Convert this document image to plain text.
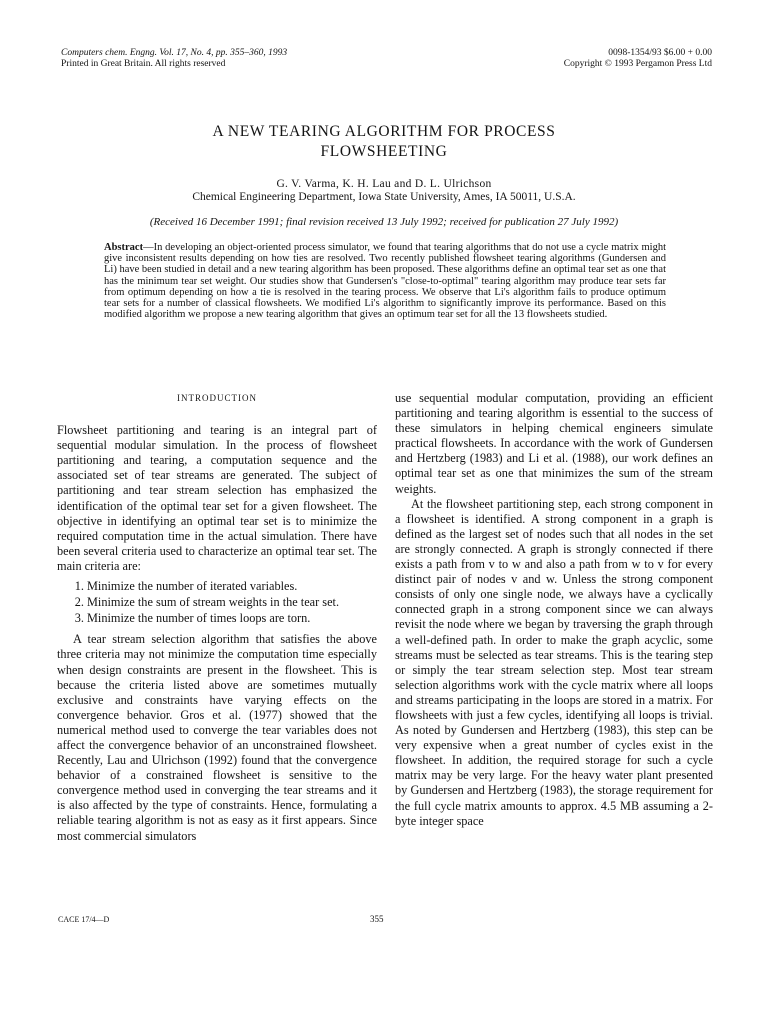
Computers chem. Engng. Vol. 17, No. 4, pp. 355–360, 1993
Printed in Great Britain. All rights reserved
0098-1354/93 $6.00 + 0.00
Copyright © 1993 Pergamon Press Ltd
A NEW TEARING ALGORITHM FOR PROCESS
FLOWSHEETING
G. V. Varma, K. H. Lau and D. L. Ulrichson
Chemical Engineering Department, Iowa State University, Ames, IA 50011, U.S.A.
(Received 16 December 1991; final revision received 13 July 1992; received for publication 27 July 1992)
Abstract—In developing an object-oriented process simulator, we found that tearing algorithms that do not use a cycle matrix might give inconsistent results depending on how ties are resolved. Two recently published flowsheet tearing algorithms (Gundersen and Li) have been studied in detail and a new tearing algorithm has been proposed. These algorithms define an optimal tear set as one that has the minimum tear set weight. Our studies show that Gundersen's "close-to-optimal" tearing algorithm may produce tear sets far from optimum depending on how a tie is resolved in the tearing process. We observe that Li's algorithm fails to produce optimum tear sets for a number of classical flowsheets. We modified Li's algorithm to significantly improve its performance. Based on this modified algorithm we propose a new tearing algorithm that gives an optimum tear set for all the 13 flowsheets studied.
INTRODUCTION

Flowsheet partitioning and tearing is an integral part of sequential modular simulation. In the process of flowsheet partitioning and tearing, a computation sequence and the associated set of tear streams are generated. The subject of partitioning and tear stream selection has emphasized the identification of the optimal tear set for a given flowsheet. The objective in identifying an optimal tear set is to minimize the required computation time in the actual simulation. There have been several criteria used to characterize an optimal tear set. The main criteria are:

1. Minimize the number of iterated variables.
2. Minimize the sum of stream weights in the tear set.
3. Minimize the number of times loops are torn.

A tear stream selection algorithm that satisfies the above three criteria may not minimize the computation time especially when design constraints are present in the flowsheet. This is because the criteria listed above are sometimes mutually exclusive and constraints have varying effects on the convergence behavior. Gros et al. (1977) showed that the numerical method used to converge the tear variables does not affect the convergence behavior of an unconstrained flowsheet. Recently, Lau and Ulrichson (1992) found that the convergence behavior of a constrained flowsheet is sensitive to the convergence method used in converging the tear streams and it is also affected by the type of constraints. Hence, formulating a reliable tearing algorithm is not as easy as it first appears. Since most commercial simulators

use sequential modular computation, providing an efficient partitioning and tearing algorithm is essential to the success of these simulators in helping chemical engineers simulate practical flowsheets. In accordance with the work of Gundersen and Hertzberg (1983) and Li et al. (1988), our work defines an optimal tear set as one that minimizes the sum of the stream weights.

At the flowsheet partitioning step, each strong component in a flowsheet is identified. A strong component in a graph is defined as the largest set of nodes such that all nodes in the set are strongly connected. A graph is strongly connected if there exists a path from v to w and also a path from w to v for every distinct pair of nodes v and w. Unless the strong component consists of only one single node, we always have a cyclically connected graph in a strong component since we can always revisit the node where we began by traversing the graph through a well-defined path. In order to make the graph acyclic, some streams must be selected as tear streams. This is the tearing step or simply the tear stream selection step. Most tear stream selection algorithms work with the cycle matrix where all loops and streams participating in the loops are stored in a matrix. For flowsheets with just a few cycles, identifying all loops is trivial. As noted by Gundersen and Hertzberg (1983), this step can be very expensive when a great number of cycles exist in the flowsheet. In addition, the required storage for such a cycle matrix may be very large. For the heavy water plant presented by Gundersen and Hertzberg (1983), the storage requirement for the full cycle matrix amounts to approx. 4.5 MB assuming a 2-byte integer space

CACE 17/4—D	355
